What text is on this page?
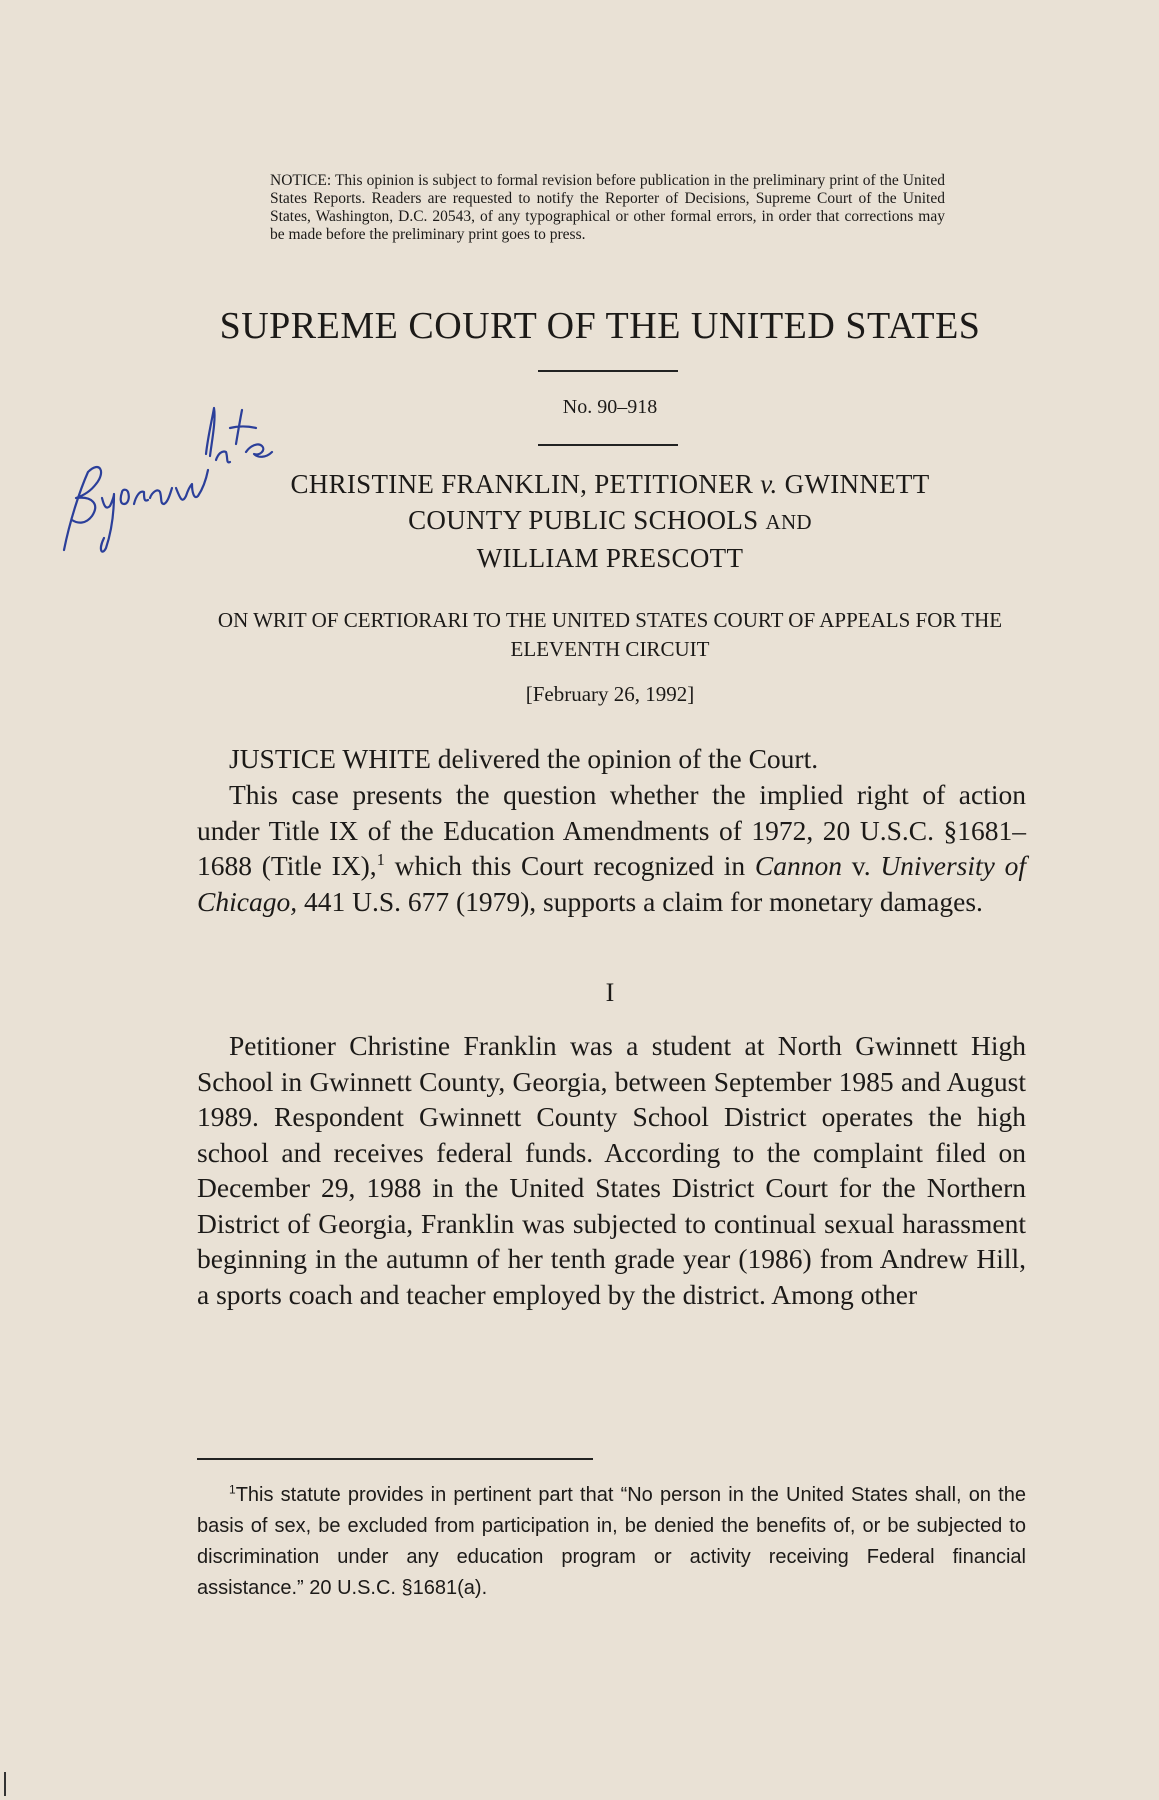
NOTICE: This opinion is subject to formal revision before publication in the preliminary print of the United States Reports. Readers are requested to notify the Reporter of Decisions, Supreme Court of the United States, Washington, D.C. 20543, of any typographical or other formal errors, in order that corrections may be made before the preliminary print goes to press.
SUPREME COURT OF THE UNITED STATES
No. 90–918
CHRISTINE FRANKLIN, PETITIONER v. GWINNETT
COUNTY PUBLIC SCHOOLS AND
WILLIAM PRESCOTT
ON WRIT OF CERTIORARI TO THE UNITED STATES COURT OF APPEALS FOR THE ELEVENTH CIRCUIT
[February 26, 1992]
JUSTICE WHITE delivered the opinion of the Court.
This case presents the question whether the implied right of action under Title IX of the Education Amendments of 1972, 20 U.S.C. §1681–1688 (Title IX),$^1$ which this Court recognized in Cannon v. University of Chicago, 441 U.S. 677 (1979), supports a claim for monetary damages.
I
Petitioner Christine Franklin was a student at North Gwinnett High School in Gwinnett County, Georgia, between September 1985 and August 1989. Respondent Gwinnett County School District operates the high school and receives federal funds. According to the complaint filed on December 29, 1988 in the United States District Court for the Northern District of Georgia, Franklin was subjected to continual sexual harassment beginning in the autumn of her tenth grade year (1986) from Andrew Hill, a sports coach and teacher employed by the district. Among other
$^1$This statute provides in pertinent part that “No person in the United States shall, on the basis of sex, be excluded from participation in, be denied the benefits of, or be subjected to discrimination under any education program or activity receiving Federal financial assistance.” 20 U.S.C. §1681(a).
